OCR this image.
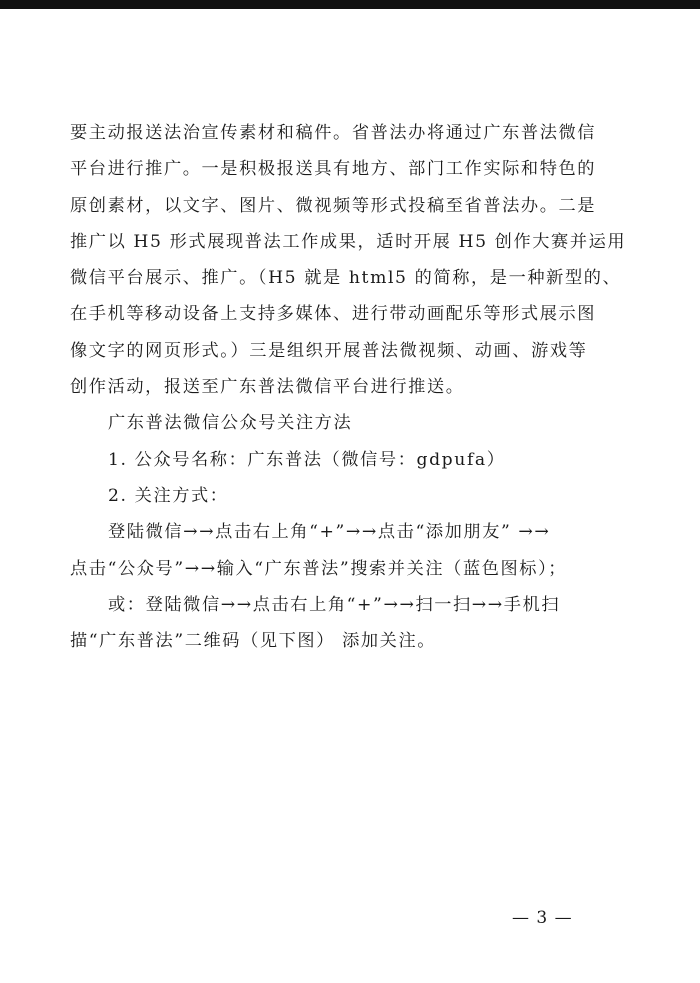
要主动报送法治宣传素材和稿件。省普法办将通过广东普法微信
平台进行推广。一是积极报送具有地方、部门工作实际和特色的
原创素材，以文字、图片、微视频等形式投稿至省普法办。二是
推广以 H5 形式展现普法工作成果，适时开展 H5 创作大赛并运用
微信平台展示、推广。（H5 就是 html5 的简称，是一种新型的、
在手机等移动设备上支持多媒体、进行带动画配乐等形式展示图
像文字的网页形式。）三是组织开展普法微视频、动画、游戏等
创作活动，报送至广东普法微信平台进行推送。
广东普法微信公众号关注方法
1. 公众号名称：广东普法（微信号：gdpufa）
2. 关注方式：
登陆微信→→点击右上角“+”→→点击“添加朋友” →→
点击“公众号”→→输入“广东普法”搜索并关注（蓝色图标）；
或：登陆微信→→点击右上角“+”→→扫一扫→→手机扫
描“广东普法”二维码（见下图） 添加关注。
— 3 —
